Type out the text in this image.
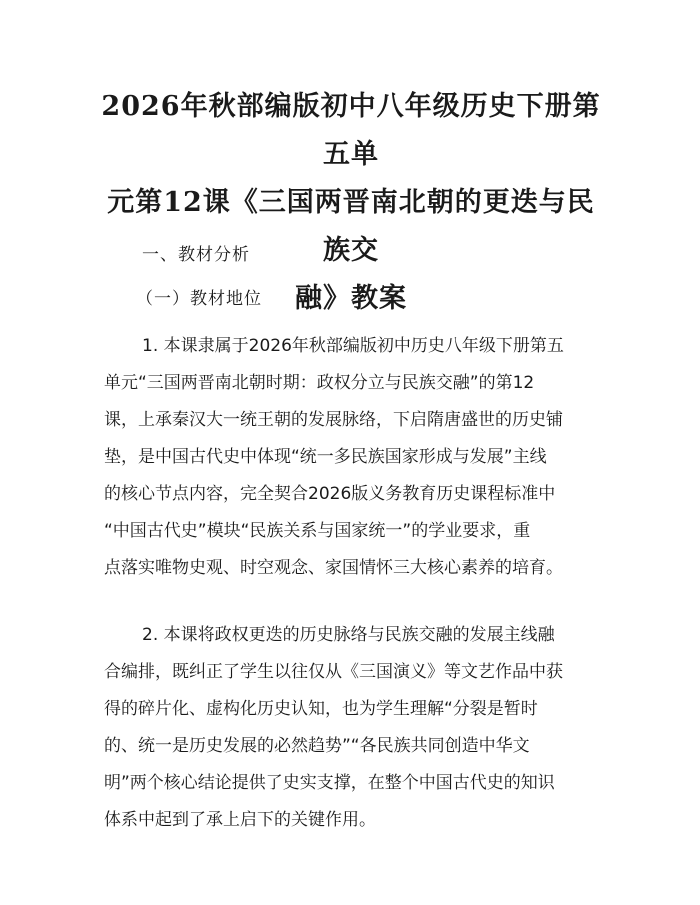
2026年秋部编版初中八年级历史下册第五单
元第12课《三国两晋南北朝的更迭与民族交
融》教案

一、教材分析

（一）教材地位

1. 本课隶属于2026年秋部编版初中历史八年级下册第五
单元“三国两晋南北朝时期：政权分立与民族交融”的第12
课，上承秦汉大一统王朝的发展脉络，下启隋唐盛世的历史铺
垫，是中国古代史中体现“统一多民族国家形成与发展”主线
的核心节点内容，完全契合2026版义务教育历史课程标准中
“中国古代史”模块“民族关系与国家统一”的学业要求，重
点落实唯物史观、时空观念、家国情怀三大核心素养的培育。
2. 本课将政权更迭的历史脉络与民族交融的发展主线融
合编排，既纠正了学生以往仅从《三国演义》等文艺作品中获
得的碎片化、虚构化历史认知，也为学生理解“分裂是暂时
的、统一是历史发展的必然趋势”“各民族共同创造中华文
明”两个核心结论提供了史实支撑，在整个中国古代史的知识
体系中起到了承上启下的关键作用。
